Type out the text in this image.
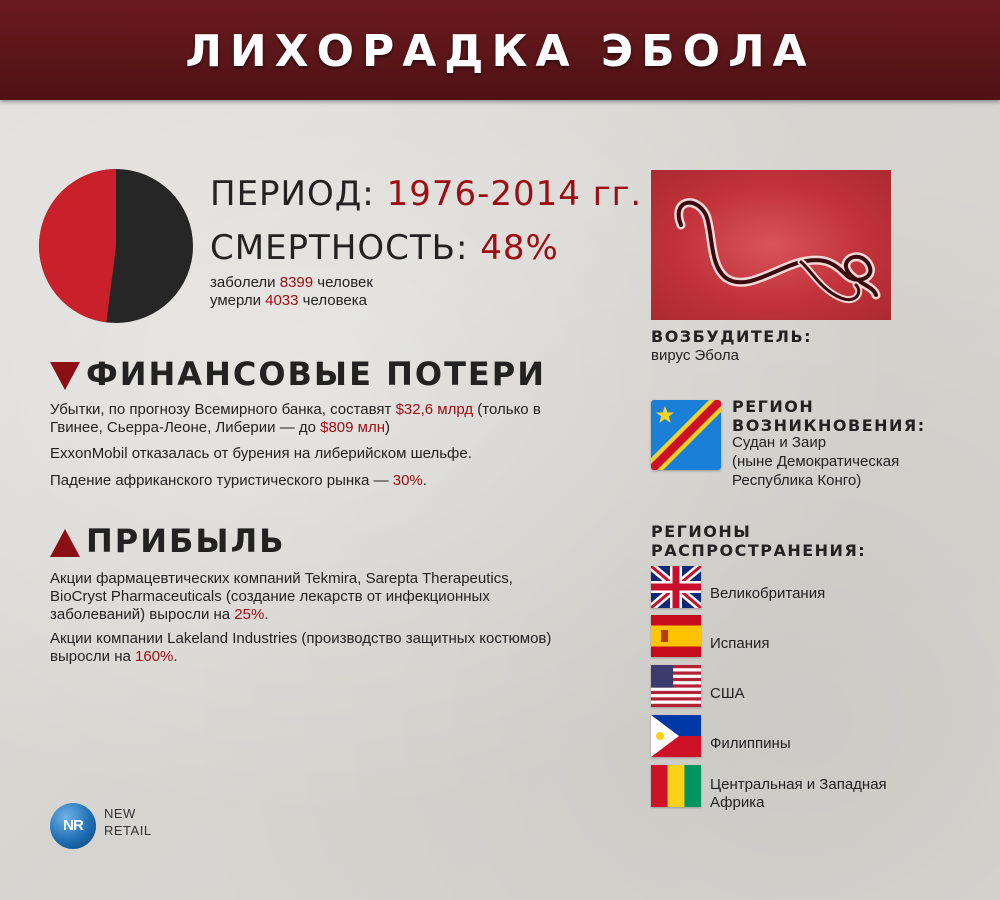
ЛИХОРАДКА ЭБОЛА
ПЕРИОД: 1976-2014 гг.
СМЕРТНОСТЬ: 48%
заболели 8399 человек
умерли 4033 человека
ФИНАНСОВЫЕ ПОТЕРИ
Убытки, по прогнозу Всемирного банка, составят $32,6 млрд (только в Гвинее, Сьерра-Леоне, Либерии — до $809 млн)
ExxonMobil отказалась от бурения на либерийском шельфе.
Падение африканского туристического рынка — 30%.
ПРИБЫЛЬ
Акции фармацевтических компаний Tekmira, Sarepta Therapeutics, BioCryst Pharmaceuticals (создание лекарств от инфекционных заболеваний) выросли на 25%.
Акции компании Lakeland Industries (производство защитных костюмов) выросли на 160%.
ВОЗБУДИТЕЛЬ:
вирус Эбола
РЕГИОН
ВОЗНИКНОВЕНИЯ:
Судан и Заир
(ныне Демократическая
Республика Конго)
РЕГИОНЫ
РАСПРОСТРАНЕНИЯ:
Великобритания
Испания
США
Филиппины
Центральная и Западная
Африка
NR
NEW
RETAIL
